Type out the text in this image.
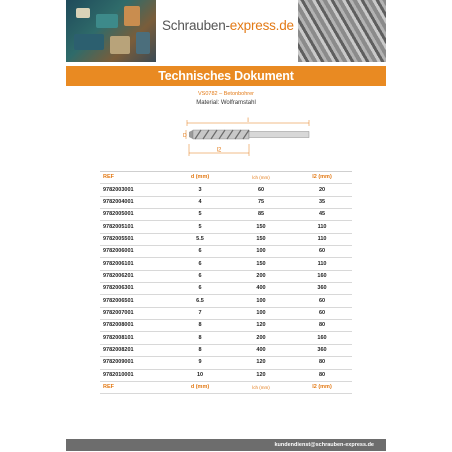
Schrauben-express.de
Technisches Dokument
VS0782 – Betonbohrer
Material: Wolframstahl
l
D
l2
REF	d (mm)	lch (mm)	l2 (mm)
9782003001	3	60	20
9782004001	4	75	35
9782005001	5	85	45
9782005101	5	150	110
9782005501	5.5	150	110
9782006001	6	100	60
9782006101	6	150	110
9782006201	6	200	160
9782006301	6	400	360
9782006501	6.5	100	60
9782007001	7	100	60
9782008001	8	120	80
9782008101	8	200	160
9782008201	8	400	360
9782009001	9	120	80
9782010001	10	120	80
REF	d (mm)	lch (mm)	l2 (mm)
kundendienst@schrauben-express.de
